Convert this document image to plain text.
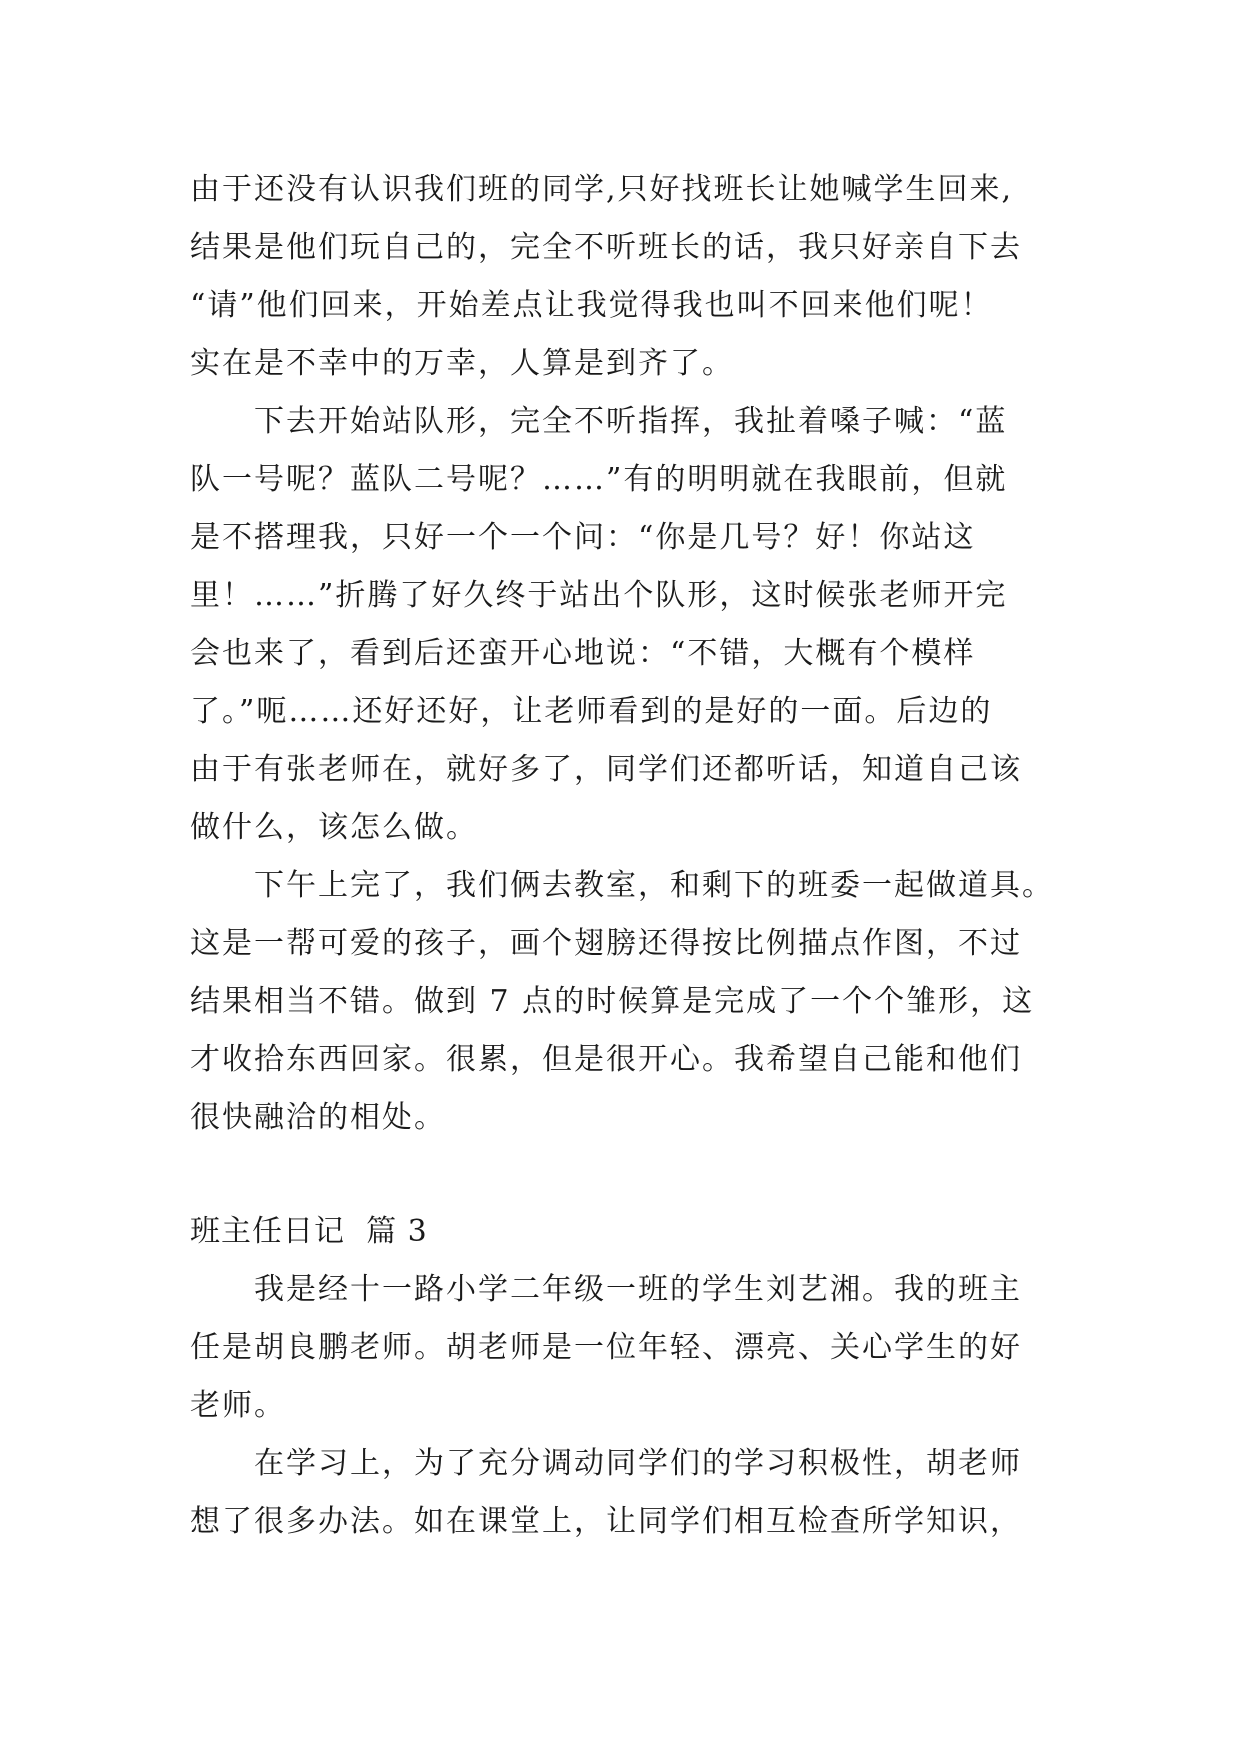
由于还没有认识我们班的同学,只好找班长让她喊学生回来,
结果是他们玩自己的，完全不听班长的话，我只好亲自下去
“请”他们回来，开始差点让我觉得我也叫不回来他们呢！
实在是不幸中的万幸，人算是到齐了。
下去开始站队形，完全不听指挥，我扯着嗓子喊：“蓝
队一号呢？蓝队二号呢？……”有的明明就在我眼前，但就
是不搭理我，只好一个一个问：“你是几号？好！你站这
里！……”折腾了好久终于站出个队形，这时候张老师开完
会也来了，看到后还蛮开心地说：“不错，大概有个模样
了。”呃……还好还好，让老师看到的是好的一面。后边的
由于有张老师在，就好多了，同学们还都听话，知道自己该
做什么，该怎么做。
下午上完了，我们俩去教室，和剩下的班委一起做道具。
这是一帮可爱的孩子，画个翅膀还得按比例描点作图，不过
结果相当不错。做到 7 点的时候算是完成了一个个雏形，这
才收拾东西回家。很累，但是很开心。我希望自己能和他们
很快融洽的相处。
班主任日记  篇 3
我是经十一路小学二年级一班的学生刘艺湘。我的班主
任是胡良鹏老师。胡老师是一位年轻、漂亮、关心学生的好
老师。
在学习上，为了充分调动同学们的学习积极性，胡老师
想了很多办法。如在课堂上，让同学们相互检查所学知识，
